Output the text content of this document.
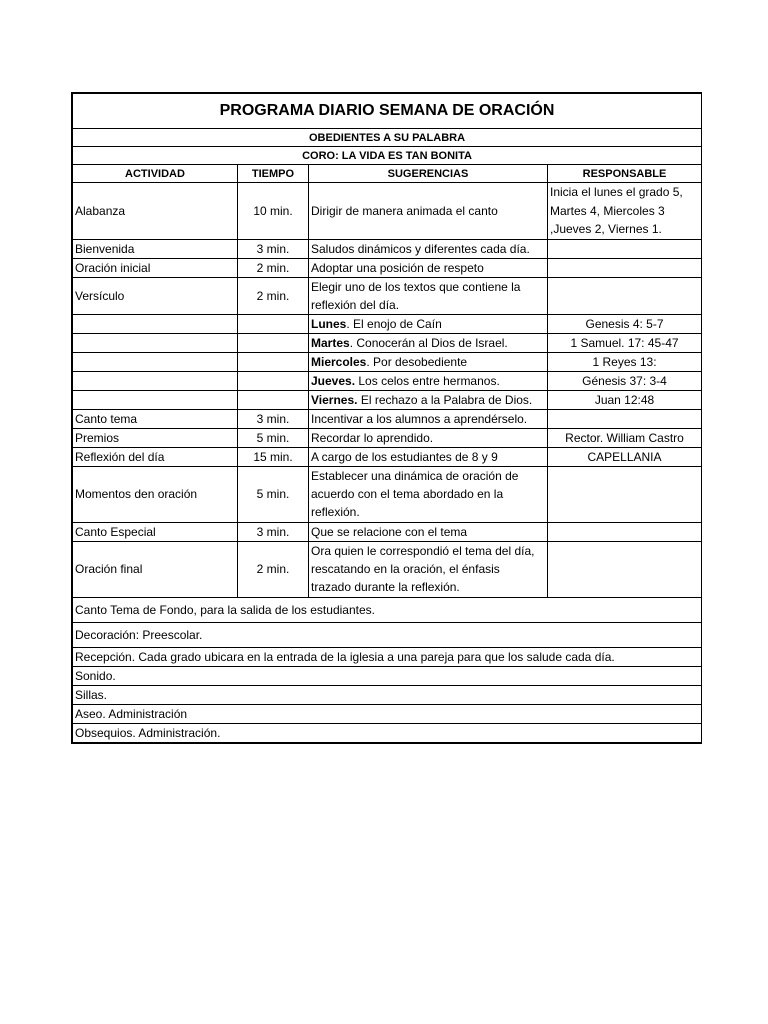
PROGRAMA DIARIO SEMANA DE ORACIÓN			
OBEDIENTES A SU PALABRA			
CORO: LA VIDA ES TAN BONITA			
ACTIVIDAD	TIEMPO	SUGERENCIAS	RESPONSABLE
Alabanza	10 min.	Dirigir de manera animada el canto	Inicia el lunes el grado 5,
Martes 4, Miercoles 3
,Jueves 2, Viernes 1.

Bienvenida	3 min.	Saludos dinámicos y diferentes cada día.	
Oración inicial	2 min.	Adoptar una posición de respeto	
Versículo	2 min.	Elegir uno de los textos que contiene la
reflexión del día.	

		Lunes. El enojo de Caín	Genesis 4: 5-7
		Martes. Conocerán al Dios de Israel.	1 Samuel. 17: 45-47
		Miercoles. Por desobediente	1 Reyes 13:
		Jueves. Los celos entre hermanos.	Génesis 37: 3-4
		Viernes. El rechazo a la Palabra de Dios.	Juan 12:48
Canto tema	3 min.	Incentivar a los alumnos a aprendérselo.	
Premios	5 min.	Recordar lo aprendido.	Rector. William Castro
Reflexión del día	15 min.	A cargo de los estudiantes de 8 y 9	CAPELLANIA
Momentos den oración	5 min.	Establecer una dinámica de oración de
acuerdo con el tema abordado en la
reflexión.	

Canto Especial	3 min.	Que se relacione con el tema	
Oración final	2 min.	Ora quien le correspondió el tema del día,
rescatando en la oración, el énfasis
trazado durante la reflexión.	

Canto Tema de Fondo, para la salida de los estudiantes.			
Decoración: Preescolar.			
Recepción. Cada grado ubicara en la entrada de la iglesia a una pareja para que los salude cada día.			
Sonido.			
Sillas.			
Aseo. Administración			
Obsequios. Administración.			
